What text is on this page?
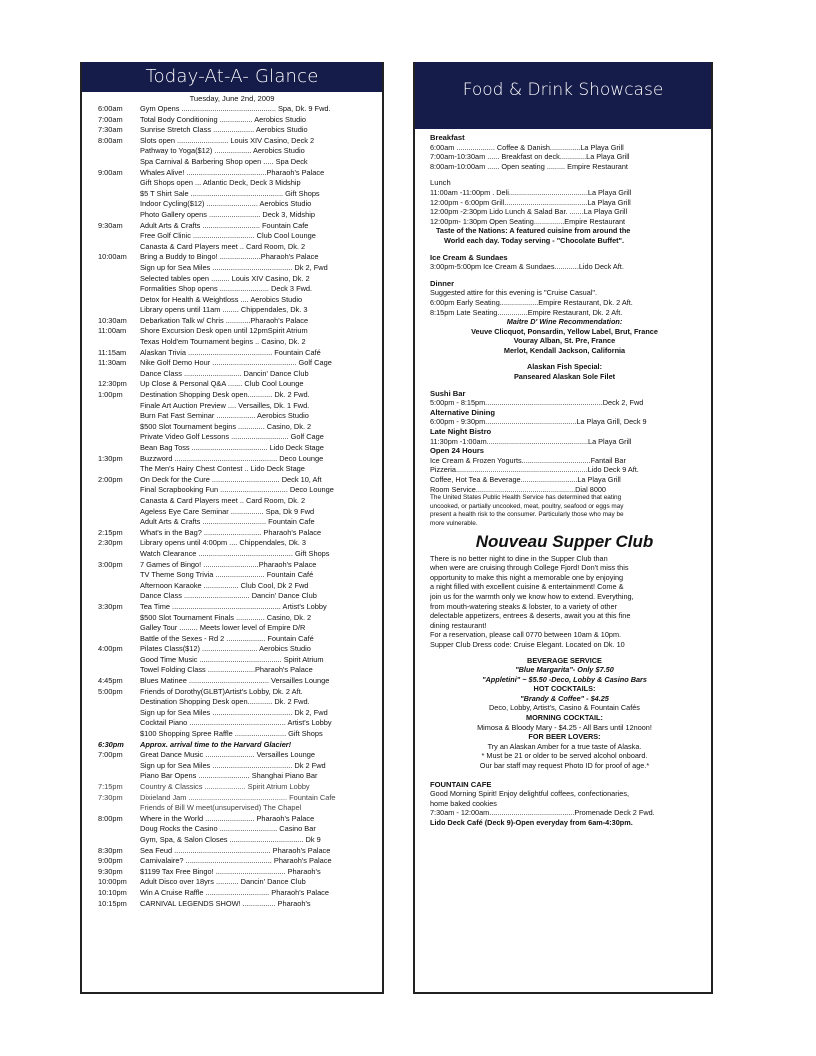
Today-At-A- Glance
Tuesday, June 2nd, 2009
6:00am	Gym Opens .............................................. Spa, Dk. 9 Fwd.
7:00am	Total Body Conditioning ................ Aerobics Studio
7:30am	Sunrise Stretch Class .................... Aerobics Studio
8:00am	Slots open ......................... Louis XIV Casino, Deck 2
Pathway to Yoga($12) .................. Aerobics Studio
Spa Carnival & Barbering Shop open ..... Spa Deck
9:00am	Whales Alive! .......................................Pharaoh's Palace
Gift Shops open ... Atlantic Deck, Deck 3 Midship
$5 T Shirt Sale ............................................. Gift Shops
Indoor Cycling($12) ......................... Aerobics Studio
Photo Gallery opens ......................... Deck 3, Midship
9:30am	Adult Arts & Crafts ............................ Fountain Cafe
Free Golf Clinic .............................. Club Cool Lounge
Canasta & Card Players meet .. Card Room, Dk. 2
10:00am	Bring a Buddy to Bingo! ....................Pharaoh's Palace
Sign up for Sea Miles ....................................... Dk 2, Fwd
Selected tables open ......... Louis XIV Casino, Dk. 2
Formalities Shop opens ........................ Deck 3 Fwd.
Detox for Health & Weightloss .... Aerobics Studio
Library opens until 11am ........ Chippendales, Dk. 3
10:30am	Debarkation Talk w/ Chris ............Pharaoh's Palace
11:00am	Shore Excursion Desk open until 12pmSpirit Atrium
Texas Hold'em Tournament begins .. Casino, Dk. 2
11:15am	Alaskan Trivia ......................................... Fountain Café
11:30am	Nike Golf Demo Hour ......................................... Golf Cage
Dance Class ............................ Dancin' Dance Club
12:30pm	Up Close & Personal Q&A ....... Club Cool Lounge
1:00pm	Destination Shopping Desk open............ Dk. 2 Fwd.
Finale Art Auction Preview .... Versailles, Dk. 1 Fwd.
Burn Fat Fast Seminar ................... Aerobics Studio
$500 Slot Tournament begins ............. Casino, Dk. 2
Private Video Golf Lessons ............................ Golf Cage
Bean Bag Toss ..................................... Lido Deck Stage
1:30pm	Buzzword .................................................. Deco Lounge
The Men's Hairy Chest Contest .. Lido Deck Stage
2:00pm	On Deck for the Cure ................................. Deck 10, Aft
Final Scrapbooking Fun ................................. Deco Lounge
Canasta & Card Players meet .. Card Room, Dk. 2
Ageless Eye Care Seminar ................ Spa, Dk 9 Fwd
Adult Arts & Crafts ............................... Fountain Cafe
2:15pm	What's in the Bag? ............................ Pharaoh's Palace
2:30pm	Library opens until 4:00pm .... Chippendales, Dk. 3
Watch Clearance .............................................. Gift Shops
3:00pm	7 Games of Bingo! ...........................Pharaoh's Palace
TV Theme Song Trivia ........................ Fountain Café
Afternoon Karaoke ................. Club Cool, Dk 2 Fwd
Dance Class ................................ Dancin' Dance Club
3:30pm	Tea Time ..................................................... Artist's Lobby
$500 Slot Tournament Finals .............. Casino, Dk. 2
Galley Tour ......... Meets lower level of Empire D/R
Battle of the Sexes - Rd 2 ................... Fountain Café
4:00pm	Pilates Class($12) ........................... Aerobics Studio
Good Time Music ........................................ Spirit Atrium
Towel Folding Class .......................Pharaoh's Palace
4:45pm	Blues Matinee ....................................... Versailles Lounge
5:00pm	Friends of Dorothy(GLBT)Artist's Lobby, Dk. 2 Aft.
Destination Shopping Desk open............ Dk. 2 Fwd.
Sign up for Sea Miles ....................................... Dk 2, Fwd
Cocktail Piano ............................................... Artist's Lobby
$100 Shopping Spree Raffle ......................... Gift Shops
6:30pm	Approx. arrival time to the Harvard Glacier!
7:00pm	Great Dance Music ........................ Versailles Lounge
Sign up for Sea Miles ....................................... Dk 2 Fwd
Piano Bar Opens ......................... Shanghai Piano Bar
7:15pm	Country & Classics .................... Spirit Atrium Lobby
7:30pm	Dixieland Jam ................................................ Fountain Cafe
Friends of Bill W meet(unsupervised) The Chapel
8:00pm	Where in the World ........................ Pharaoh's Palace
Doug Rocks the Casino ............................ Casino Bar
Gym, Spa, & Salon Closes .................................... Dk 9
8:30pm	Sea Feud ............................................... Pharaoh's Palace
9:00pm	Carnivalaire? .......................................... Pharaoh's Palace
9:30pm	$1199 Tax Free Bingo! .................................. Pharaoh's
10:00pm	Adult Disco over 18yrs ........... Dancin' Dance Club
10:10pm	Win A Cruise Raffle ............................... Pharaoh's Palace
10:15pm	CARNIVAL LEGENDS SHOW! ................ Pharaoh's
Food & Drink Showcase
Breakfast
6:00am ................... Coffee & Danish...............La Playa Grill
7:00am-10:30am ...... Breakfast on deck.............La Playa Grill
8:00am-10:00am ...... Open seating ......... Empire Restaurant
Lunch
11:00am -11:00pm . Deli.......................................La Playa Grill
12:00pm - 6:00pm Grill.........................................La Playa Grill
12:00pm -2:30pm Lido Lunch & Salad Bar. .......La Playa Grill
12:00pm- 1:30pm Open Seating...............Empire Restaurant
Taste of the Nations: A featured cuisine from around the
World each day. Today serving - "Chocolate Buffet".
Ice Cream & Sundaes
3:00pm-5:00pm Ice Cream & Sundaes............Lido Deck Aft.
Dinner
Suggested attire for this evening is "Cruise Casual".
6:00pm Early Seating...................Empire Restaurant, Dk. 2 Aft.
8:15pm Late Seating...............Empire Restaurant, Dk. 2 Aft.
Maitre D' Wine Recommendation:
Veuve Clicquot, Ponsardin, Yellow Label, Brut, France
Vouray Alban, St. Pre, France
Merlot, Kendall Jackson, California
Alaskan Fish Special:
Panseared Alaskan Sole Filet
Sushi Bar
5:00pm - 8:15pm..........................................................Deck 2, Fwd
Alternative Dining
6:00pm - 9:30pm.............................................La Playa Grill, Deck 9
Late Night Bistro
11:30pm -1:00am..................................................La Playa Grill
Open 24 Hours
Ice Cream & Frozen Yogurts..................................Fantail Bar
Pizzeria.................................................................Lido Deck 9 Aft.
Coffee, Hot Tea & Beverage............................La Playa Grill
Room Service.................................................Dial 8000
The United States Public Health Service has determined that eating
uncooked, or partially uncooked, meat, poultry, seafood or eggs may
present a health risk to the consumer. Particularly those who may be
more vulnerable.
Nouveau Supper Club
There is no better night to dine in the Supper Club than
when were are cruising through College Fjord! Don't miss this
opportunity to make this night a memorable one by enjoying
a night filled with excellent cuisine & entertainment! Come &
join us for the warmth only we know how to extend. Everything,
from mouth-watering steaks & lobster, to a variety of other
delectable appetizers, entrees & deserts, await you at this fine
dining restaurant!
For a reservation, please call 0770 between 10am & 10pm.
Supper Club Dress code: Cruise Elegant. Located on Dk. 10
BEVERAGE SERVICE
"Blue Margarita"- Only $7.50
"Appletini" ~ $5.50 -Deco, Lobby & Casino Bars
HOT COCKTAILS:
"Brandy & Coffee" - $4.25
Deco, Lobby, Artist's, Casino & Fountain Cafés
MORNING COCKTAIL:
Mimosa & Bloody Mary - $4.25 - All Bars until 12noon!
FOR BEER LOVERS:
Try an Alaskan Amber for a true taste of Alaska.
* Must be 21 or older to be served alcohol onboard.
Our bar staff may request Photo ID for proof of age.*
FOUNTAIN CAFE
Good Morning Spirit! Enjoy delightful coffees, confectionaries,
home baked cookies
7:30am - 12:00am..........................................Promenade Deck 2 Fwd.
Lido Deck Café (Deck 9)-Open everyday from 6am-4:30pm.
